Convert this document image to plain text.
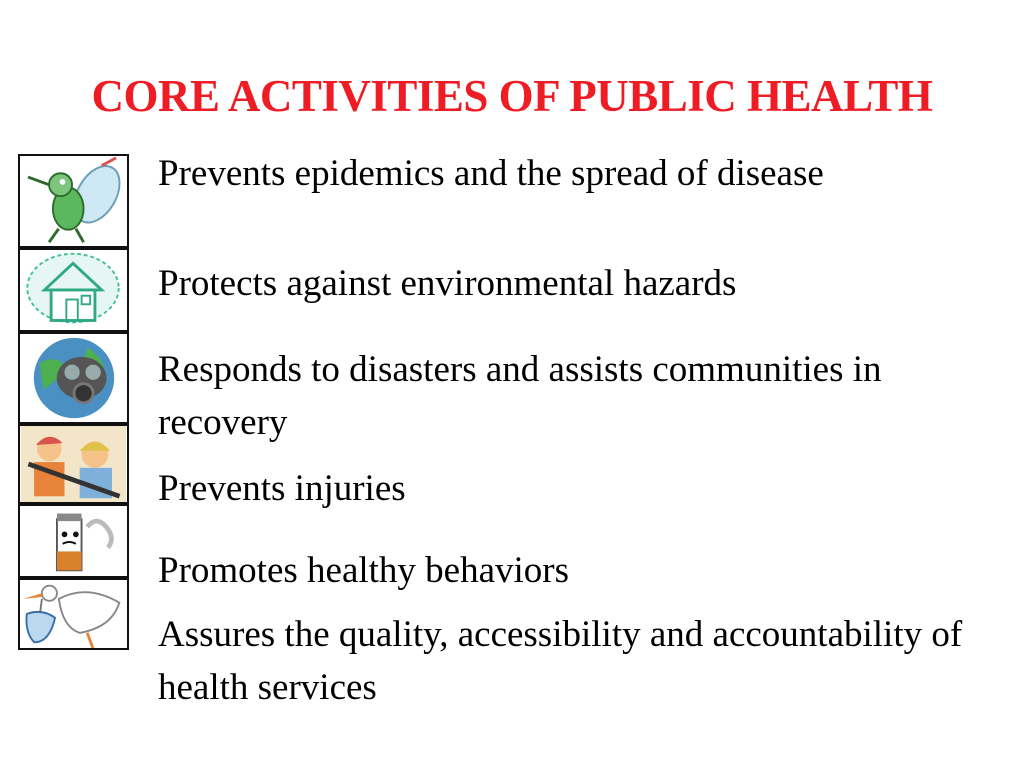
CORE ACTIVITIES OF PUBLIC HEALTH
Prevents epidemics and the spread of disease
Protects against environmental hazards
Responds to disasters and assists communities in recovery
Prevents injuries
Promotes healthy behaviors
Assures the quality, accessibility and accountability of health services
